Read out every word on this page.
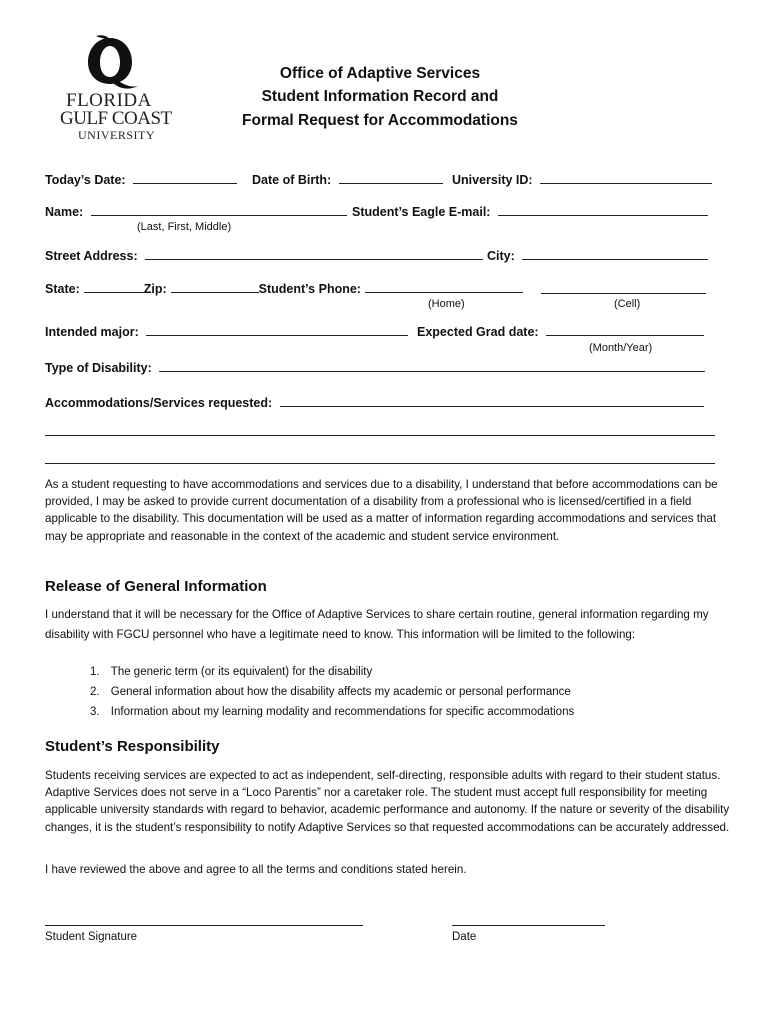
FLORIDA
GULF COAST
UNIVERSITY
Office of Adaptive Services
Student Information Record and
Formal Request for Accommodations
Today’s Date:	Date of Birth:	University ID:
Name:	Student’s Eagle E-mail:
(Last, First, Middle)
Street Address:	City:
State:	Zip:	Student’s Phone:
(Home)	(Cell)
Intended major:	Expected Grad date:
(Month/Year)
Type of Disability:
Accommodations/Services requested:
As a student requesting to have accommodations and services due to a disability, I understand that before accommodations can be provided, I may be asked to provide current documentation of a disability from a professional who is licensed/certified in a field applicable to the disability. This documentation will be used as a matter of information regarding accommodations and services that may be appropriate and reasonable in the context of the academic and student service environment.
Release of General Information
I understand that it will be necessary for the Office of Adaptive Services to share certain routine, general information regarding my disability with FGCU personnel who have a legitimate need to know. This information will be limited to the following:
1. The generic term (or its equivalent) for the disability
2. General information about how the disability affects my academic or personal performance
3. Information about my learning modality and recommendations for specific accommodations
Student’s Responsibility
Students receiving services are expected to act as independent, self-directing, responsible adults with regard to their student status. Adaptive Services does not serve in a “Loco Parentis” nor a caretaker role. The student must accept full responsibility for meeting applicable university standards with regard to behavior, academic performance and autonomy. If the nature or severity of the disability changes, it is the student’s responsibility to notify Adaptive Services so that requested accommodations can be accurately addressed.
I have reviewed the above and agree to all the terms and conditions stated herein.
Student Signature	Date
